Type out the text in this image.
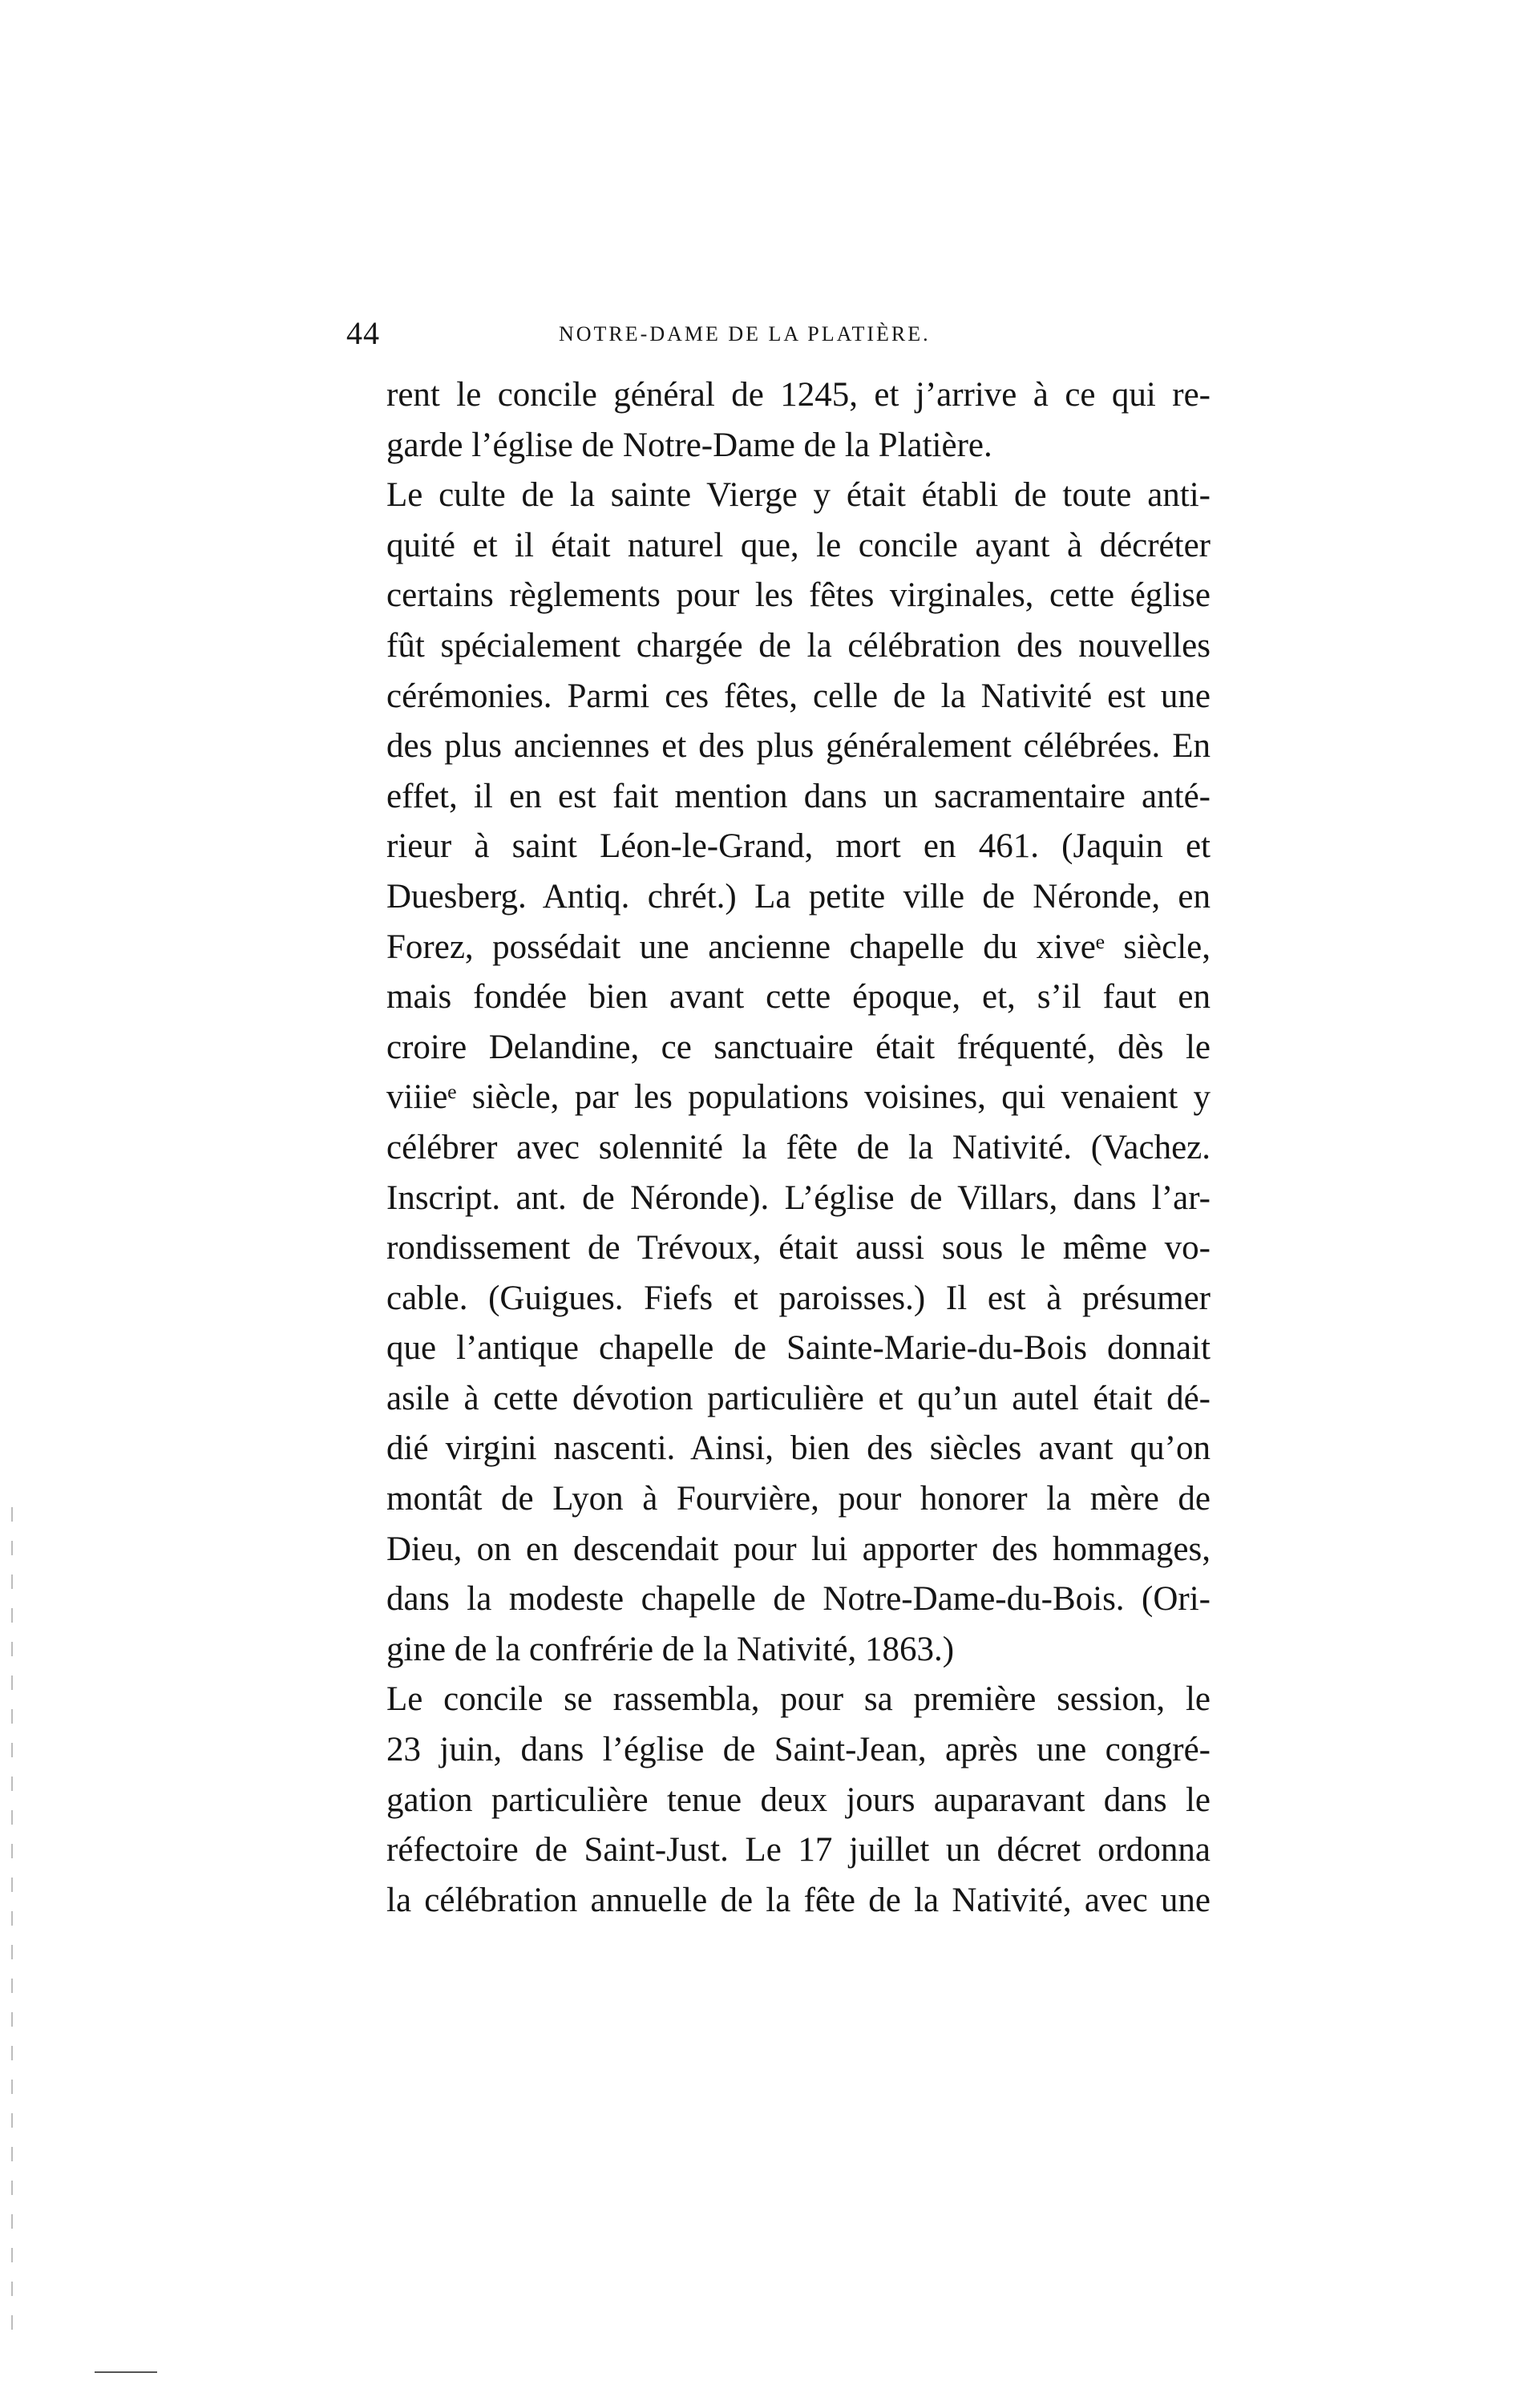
44	NOTRE-DAME DE LA PLATIÈRE.
rent le concile général de 1245, et j’arrive à ce qui re-
garde l’église de Notre-Dame de la Platière.
Le culte de la sainte Vierge y était établi de toute anti-
quité et il était naturel que, le concile ayant à décréter
certains règlements pour les fêtes virginales, cette église
fût spécialement chargée de la célébration des nouvelles
cérémonies. Parmi ces fêtes, celle de la Nativité est une
des plus anciennes et des plus généralement célébrées. En
effet, il en est fait mention dans un sacramentaire anté-
rieur à saint Léon-le-Grand, mort en 461. (Jaquin et
Duesberg. Antiq. chrét.) La petite ville de Néronde, en
Forez, possédait une ancienne chapelle du xiveᵉ siècle,
mais fondée bien avant cette époque, et, s’il faut en
croire Delandine, ce sanctuaire était fréquenté, dès le
viiieᵉ siècle, par les populations voisines, qui venaient y
célébrer avec solennité la fête de la Nativité. (Vachez.
Inscript. ant. de Néronde). L’église de Villars, dans l’ar-
rondissement de Trévoux, était aussi sous le même vo-
cable. (Guigues. Fiefs et paroisses.) Il est à présumer
que l’antique chapelle de Sainte-Marie-du-Bois donnait
asile à cette dévotion particulière et qu’un autel était dé-
dié virgini nascenti. Ainsi, bien des siècles avant qu’on
montât de Lyon à Fourvière, pour honorer la mère de
Dieu, on en descendait pour lui apporter des hommages,
dans la modeste chapelle de Notre-Dame-du-Bois. (Ori-
gine de la confrérie de la Nativité, 1863.)
Le concile se rassembla, pour sa première session, le
23 juin, dans l’église de Saint-Jean, après une congré-
gation particulière tenue deux jours auparavant dans le
réfectoire de Saint-Just. Le 17 juillet un décret ordonna
la célébration annuelle de la fête de la Nativité, avec une
